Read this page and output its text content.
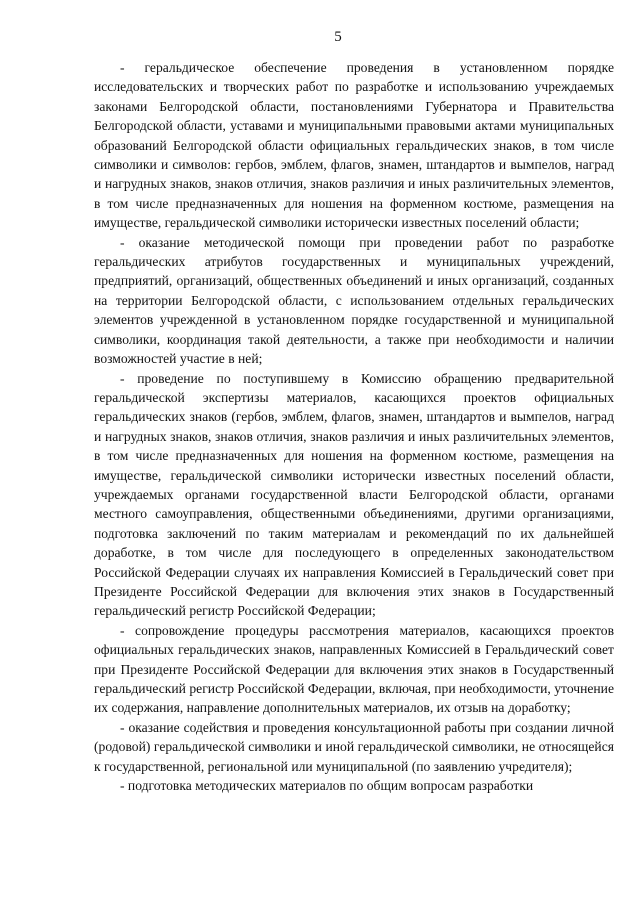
5

- геральдическое обеспечение проведения в установленном порядке исследовательских и творческих работ по разработке и использованию учреждаемых законами Белгородской области, постановлениями Губернатора и Правительства Белгородской области, уставами и муниципальными правовыми актами муниципальных образований Белгородской области официальных геральдических знаков, в том числе символики и символов: гербов, эмблем, флагов, знамен, штандартов и вымпелов, наград и нагрудных знаков, знаков отличия, знаков различия и иных различительных элементов, в том числе предназначенных для ношения на форменном костюме, размещения на имуществе, геральдической символики исторически известных поселений области;

- оказание методической помощи при проведении работ по разработке геральдических атрибутов государственных и муниципальных учреждений, предприятий, организаций, общественных объединений и иных организаций, созданных на территории Белгородской области, с использованием отдельных геральдических элементов учрежденной в установленном порядке государственной и муниципальной символики, координация такой деятельности, а также при необходимости и наличии возможностей участие в ней;

- проведение по поступившему в Комиссию обращению предварительной геральдической экспертизы материалов, касающихся проектов официальных геральдических знаков (гербов, эмблем, флагов, знамен, штандартов и вымпелов, наград и нагрудных знаков, знаков отличия, знаков различия и иных различительных элементов, в том числе предназначенных для ношения на форменном костюме, размещения на имуществе, геральдической символики исторически известных поселений области, учреждаемых органами государственной власти Белгородской области, органами местного самоуправления, общественными объединениями, другими организациями, подготовка заключений по таким материалам и рекомендаций по их дальнейшей доработке, в том числе для последующего в определенных законодательством Российской Федерации случаях их направления Комиссией в Геральдический совет при Президенте Российской Федерации для включения этих знаков в Государственный геральдический регистр Российской Федерации;

- сопровождение процедуры рассмотрения материалов, касающихся проектов официальных геральдических знаков, направленных Комиссией в Геральдический совет при Президенте Российской Федерации для включения этих знаков в Государственный геральдический регистр Российской Федерации, включая, при необходимости, уточнение их содержания, направление дополнительных материалов, их отзыв на доработку;

- оказание содействия и проведения консультационной работы при создании личной (родовой) геральдической символики и иной геральдической символики, не относящейся к государственной, региональной или муниципальной (по заявлению учредителя);

- подготовка методических материалов по общим вопросам разработки
